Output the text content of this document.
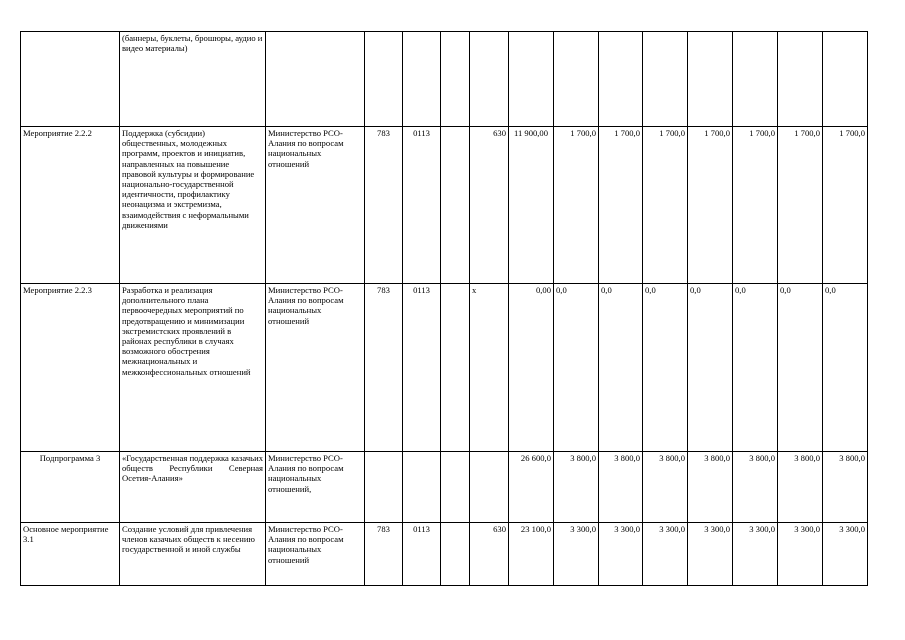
	(баннеры, буклеты, брошюры, аудио и видео материалы)													
Мероприятие 2.2.2	Поддержка (субсидии) общественных, молодежных программ, проектов и инициатив, направленных на повышение правовой культуры и формирование национально-государственной идентичности, профилактику неонацизма и экстремизма, взаимодействия с неформальными движениями	Министерство РСО-Алания по вопросам национальных отношений	783	0113		630	11 900,00	1 700,0	1 700,0	1 700,0	1 700,0	1 700,0	1 700,0	1 700,0
Мероприятие 2.2.3	Разработка и реализация дополнительного плана первоочередных мероприятий по предотвращению и минимизации экстремистских проявлений в районах республики в случаях возможного обострения межнациональных и межконфессиональных отношений	Министерство РСО-Алания по вопросам национальных отношений	783	0113		х	0,00	0,0	0,0	0,0	0,0	0,0	0,0	0,0
Подпрограмма 3	«Государственная поддержка казачьих обществ Республики Северная Осетия-Алания»	Министерство РСО-Алания по вопросам национальных отношений,					26 600,0	3 800,0	3 800,0	3 800,0	3 800,0	3 800,0	3 800,0	3 800,0
Основное мероприятие 3.1	Создание условий для привлечения членов казачьих обществ к несению государственной и иной службы	Министерство РСО-Алания по вопросам национальных отношений	783	0113		630	23 100,0	3 300,0	3 300,0	3 300,0	3 300,0	3 300,0	3 300,0	3 300,0
